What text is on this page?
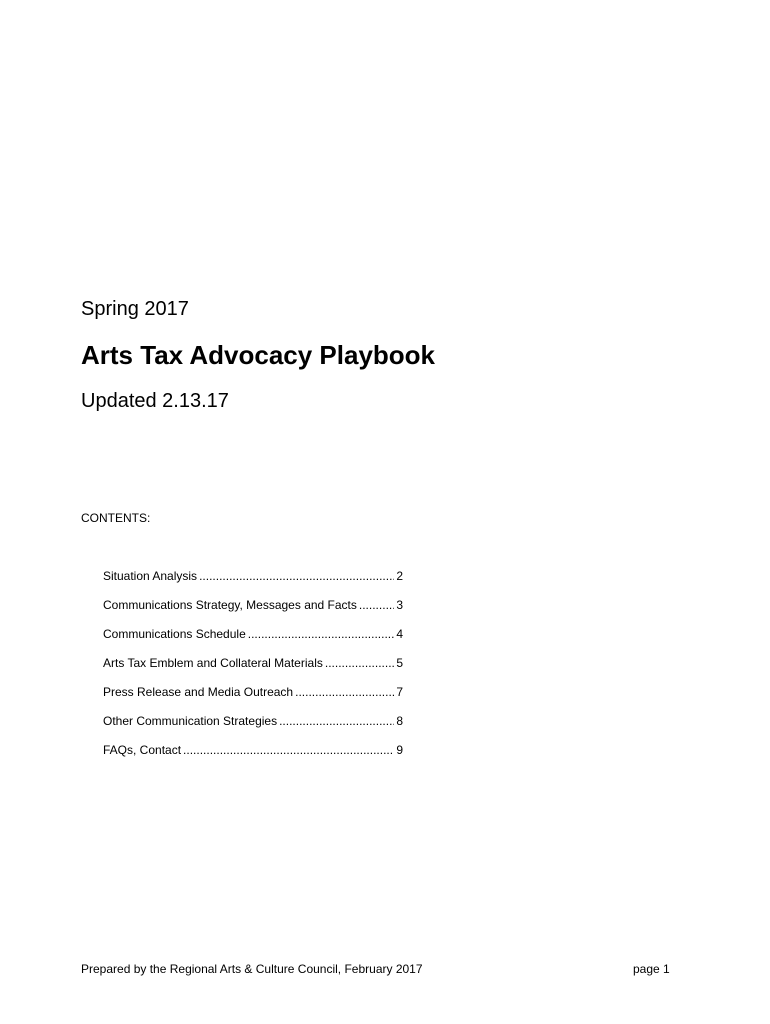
Spring 2017
Arts Tax Advocacy Playbook
Updated 2.13.17
CONTENTS:
Situation Analysis .....	2
Communications Strategy, Messages and Facts .....	3
Communications Schedule .....	4
Arts Tax Emblem and Collateral Materials .....	5
Press Release and Media Outreach .....	7
Other Communication Strategies .....	8
FAQs, Contact .....	9
Prepared by the Regional Arts & Culture Council, February 2017	page 1
